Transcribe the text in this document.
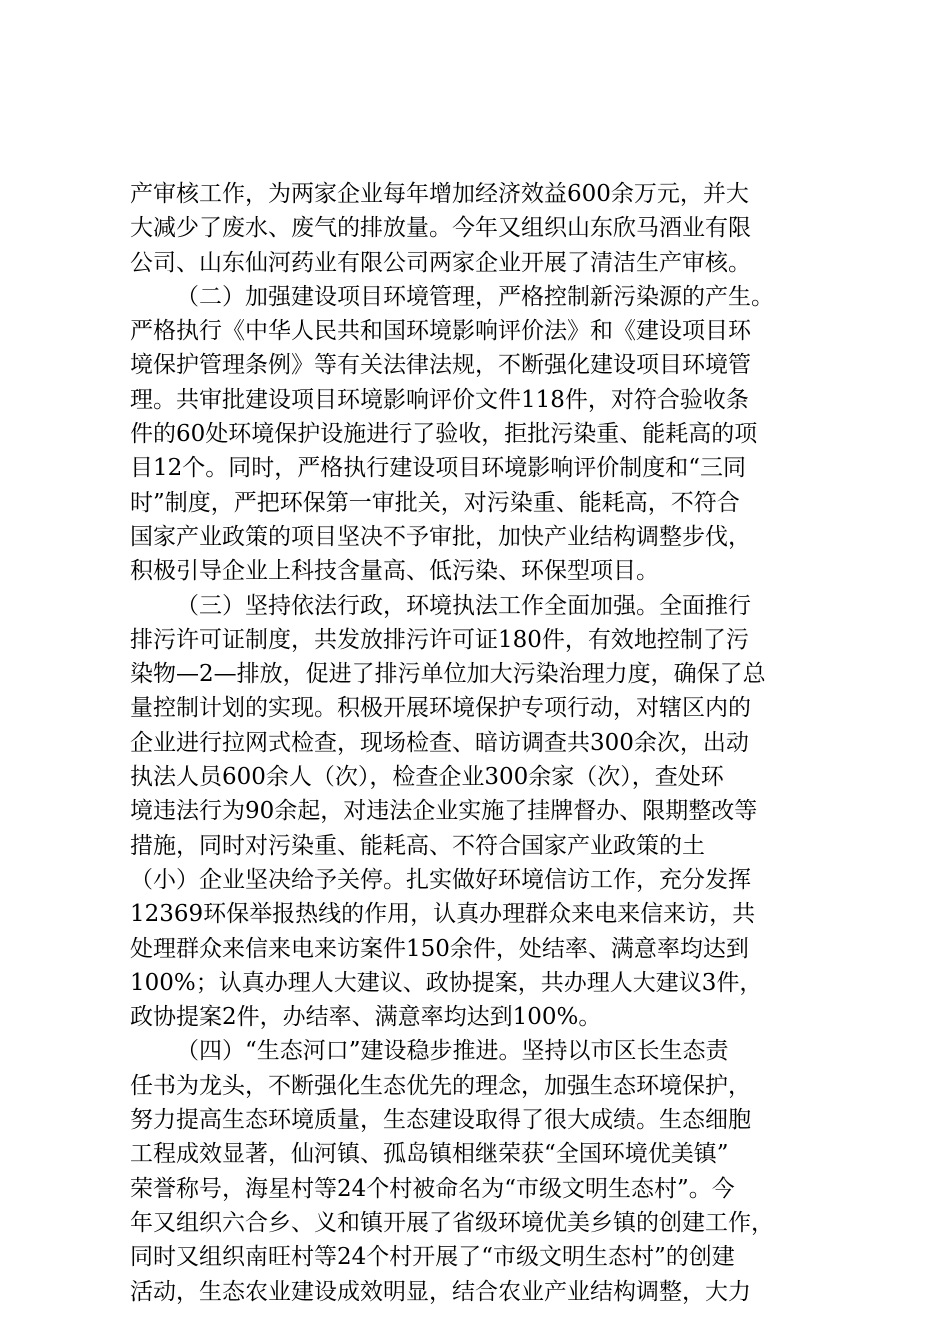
产审核工作，为两家企业每年增加经济效益600余万元，并大
大减少了废水、废气的排放量。今年又组织山东欣马酒业有限
公司、山东仙河药业有限公司两家企业开展了清洁生产审核。
（二）加强建设项目环境管理，严格控制新污染源的产生。
严格执行《中华人民共和国环境影响评价法》和《建设项目环
境保护管理条例》等有关法律法规，不断强化建设项目环境管
理。共审批建设项目环境影响评价文件118件，对符合验收条
件的60处环境保护设施进行了验收，拒批污染重、能耗高的项
目12个。同时，严格执行建设项目环境影响评价制度和“三同
时”制度，严把环保第一审批关，对污染重、能耗高，不符合
国家产业政策的项目坚决不予审批，加快产业结构调整步伐，
积极引导企业上科技含量高、低污染、环保型项目。
（三）坚持依法行政，环境执法工作全面加强。全面推行
排污许可证制度，共发放排污许可证180件，有效地控制了污
染物—2—排放，促进了排污单位加大污染治理力度，确保了总
量控制计划的实现。积极开展环境保护专项行动，对辖区内的
企业进行拉网式检查，现场检查、暗访调查共300余次，出动
执法人员600余人（次），检查企业300余家（次），查处环
境违法行为90余起，对违法企业实施了挂牌督办、限期整改等
措施，同时对污染重、能耗高、不符合国家产业政策的土
（小）企业坚决给予关停。扎实做好环境信访工作，充分发挥
12369环保举报热线的作用，认真办理群众来电来信来访，共
处理群众来信来电来访案件150余件，处结率、满意率均达到
100%；认真办理人大建议、政协提案，共办理人大建议3件，
政协提案2件，办结率、满意率均达到100%。
（四）“生态河口”建设稳步推进。坚持以市区长生态责
任书为龙头，不断强化生态优先的理念，加强生态环境保护，
努力提高生态环境质量，生态建设取得了很大成绩。生态细胞
工程成效显著，仙河镇、孤岛镇相继荣获“全国环境优美镇”
荣誉称号，海星村等24个村被命名为“市级文明生态村”。今
年又组织六合乡、义和镇开展了省级环境优美乡镇的创建工作，
同时又组织南旺村等24个村开展了“市级文明生态村”的创建
活动，生态农业建设成效明显，结合农业产业结构调整，大力
